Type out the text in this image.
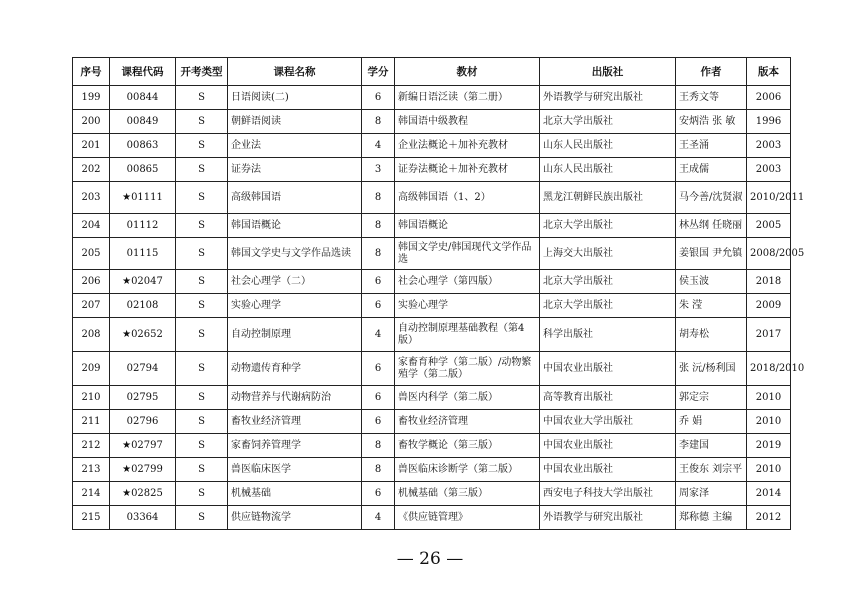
序号	课程代码	开考类型	课程名称	学分	教材	出版社	作者	版本
199	00844	S	日语阅读(二)	6	新编日语泛读（第二册）	外语教学与研究出版社	王秀文等	2006
200	00849	S	朝鲜语阅读	8	韩国语中级教程	北京大学出版社	安炳浩 张 敏	1996
201	00863	S	企业法	4	企业法概论＋加补充教材	山东人民出版社	王圣涌	2003
202	00865	S	证券法	3	证券法概论＋加补充教材	山东人民出版社	王成儒	2003
203	★01111	S	高级韩国语	8	高级韩国语（1、2）	黑龙江朝鲜民族出版社	马今善/沈贤淑	2010/2011
204	01112	S	韩国语概论	8	韩国语概论	北京大学出版社	林丛纲 任晓丽	2005
205	01115	S	韩国文学史与文学作品选读	8	韩国文学史/韩国现代文学作品选	上海交大出版社	姜银国 尹允镇	2008/2005
206	★02047	S	社会心理学（二）	6	社会心理学（第四版）	北京大学出版社	侯玉波	2018
207	02108	S	实验心理学	6	实验心理学	北京大学出版社	朱 滢	2009
208	★02652	S	自动控制原理	4	自动控制原理基础教程（第4版）	科学出版社	胡寿松	2017
209	02794	S	动物遗传育种学	6	家畜育种学（第二版）/动物繁殖学（第二版）	中国农业出版社	张 沅/杨利国	2018/2010
210	02795	S	动物营养与代谢病防治	6	兽医内科学（第二版）	高等教育出版社	郭定宗	2010
211	02796	S	畜牧业经济管理	6	畜牧业经济管理	中国农业大学出版社	乔 娟	2010
212	★02797	S	家畜饲养管理学	8	畜牧学概论（第三版）	中国农业出版社	李建国	2019
213	★02799	S	兽医临床医学	8	兽医临床诊断学（第二版）	中国农业出版社	王俊东 刘宗平	2010
214	★02825	S	机械基础	6	机械基础（第三版）	西安电子科技大学出版社	周家泽	2014
215	03364	S	供应链物流学	4	《供应链管理》	外语教学与研究出版社	郑称德 主编	2012
— 26 —
